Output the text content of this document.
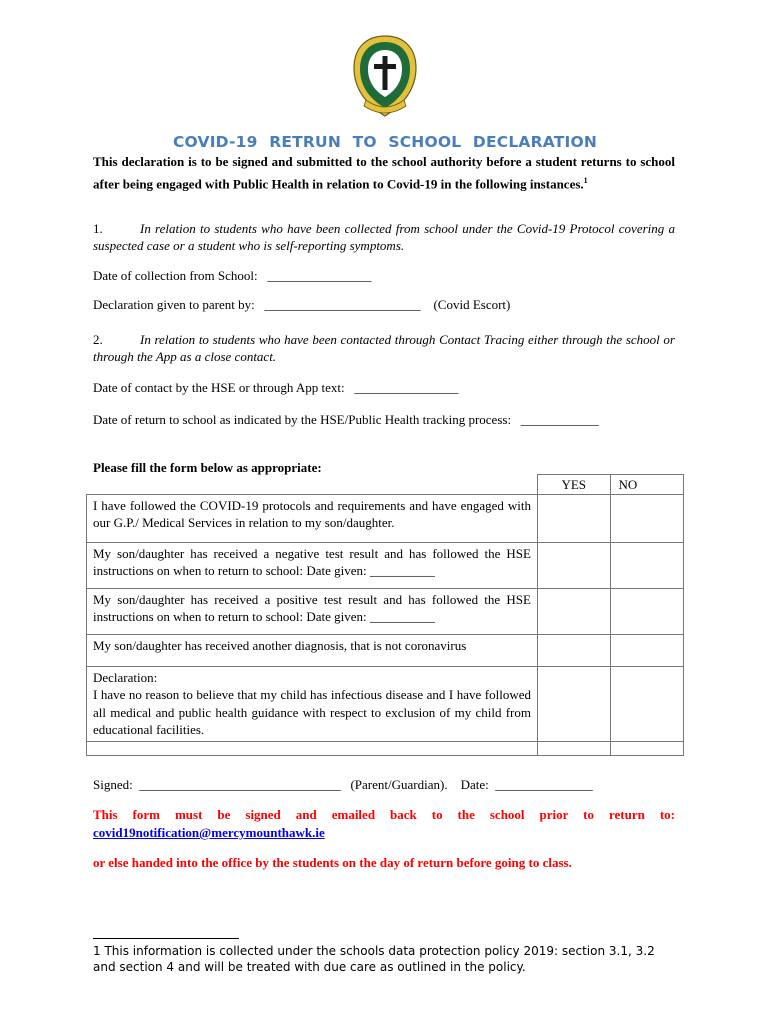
COVID-19 RETRUN TO SCHOOL DECLARATION
This declaration is to be signed and submitted to the school authority before a student returns to school after being engaged with Public Health in relation to Covid-19 in the following instances.$^1$
1.	In relation to students who have been collected from school under the Covid-19 Protocol covering a suspected case or a student who is self-reporting symptoms.
Date of collection from School:   ________________
Declaration given to parent by:   ________________________    (Covid Escort)
2.	In relation to students who have been contacted through Contact Tracing either through the school or through the App as a close contact.
Date of contact by the HSE or through App text:   ________________
Date of return to school as indicated by the HSE/Public Health tracking process:   ____________
Please fill the form below as appropriate:
	YES	NO
I have followed the COVID-19 protocols and requirements and have engaged with our G.P./ Medical Services in relation to my son/daughter.		
My son/daughter has received a negative test result and has followed the HSE instructions on when to return to school: Date given: __________		
My son/daughter has received a positive test result and has followed the HSE instructions on when to return to school: Date given: __________		
My son/daughter has received another diagnosis, that is not coronavirus		

Declaration:
I have no reason to believe that my child has infectious disease and I have followed all medical and public health guidance with respect to exclusion of my child from educational facilities.		

Signed:  _______________________________   (Parent/Guardian).    Date:  _______________
This form must be signed and emailed back to the school prior to return to:
covid19notification@mercymounthawk.ie
or else handed into the office by the students on the day of return before going to class.
1 This information is collected under the schools data protection policy 2019: section 3.1, 3.2 and section 4 and will be treated with due care as outlined in the policy.
